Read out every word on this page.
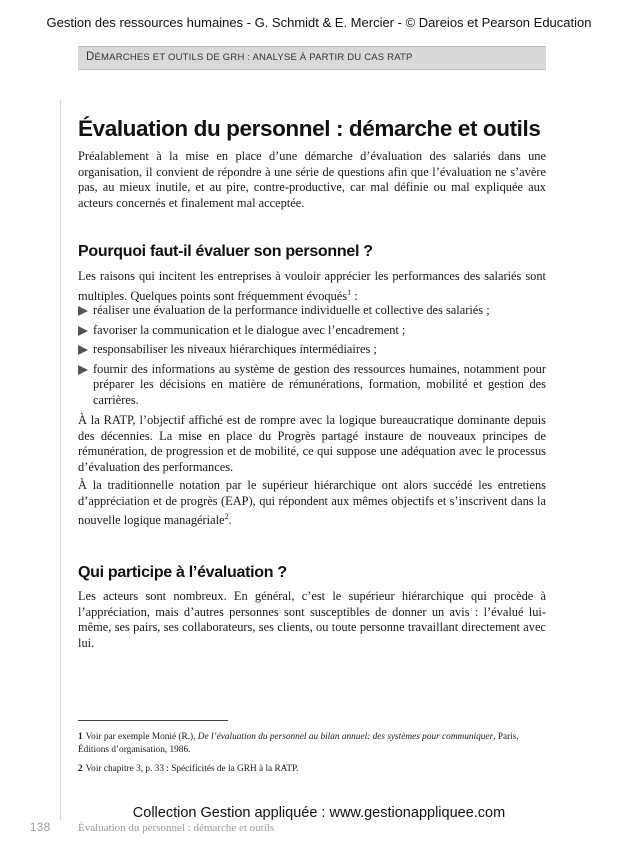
Gestion des ressources humaines - G. Schmidt & E. Mercier - © Dareios et Pearson Education
DÉMARCHES ET OUTILS DE GRH : ANALYSE À PARTIR DU CAS RATP
Évaluation du personnel : démarche et outils

Préalablement à la mise en place d’une démarche d’évaluation des salariés dans une organisation, il convient de répondre à une série de questions afin que l’évaluation ne s’avère pas, au mieux inutile, et au pire, contre-productive, car mal définie ou mal expliquée aux acteurs concernés et finalement mal acceptée.

Pourquoi faut-il évaluer son personnel ?

Les raisons qui incitent les entreprises à vouloir apprécier les performances des salariés sont multiples. Quelques points sont fréquemment évoqués$^1$ :

réaliser une évaluation de la performance individuelle et collective des salariés ;
favoriser la communication et le dialogue avec l’encadrement ;
responsabiliser les niveaux hiérarchiques intermédiaires ;
fournir des informations au système de gestion des ressources humaines, notamment pour préparer les décisions en matière de rémunérations, formation, mobilité et gestion des carrières.

À la RATP, l’objectif affiché est de rompre avec la logique bureaucratique dominante depuis des décennies. La mise en place du Progrès partagé instaure de nouveaux principes de rémunération, de progression et de mobilité, ce qui suppose une adéquation avec le processus d’évaluation des performances.

À la traditionnelle notation par le supérieur hiérarchique ont alors succédé les entretiens d’appréciation et de progrès (EAP), qui répondent aux mêmes objectifs et s’inscrivent dans la nouvelle logique managériale$^2$.

Qui participe à l’évaluation ?

Les acteurs sont nombreux. En général, c’est le supérieur hiérarchique qui procède à l’appréciation, mais d’autres personnes sont susceptibles de donner un avis : l’évalué lui-même, ses pairs, ses collaborateurs, ses clients, ou toute personne travaillant directement avec lui.

1 Voir par exemple Monié (R.), De l’évaluation du personnel au bilan annuel: des systèmes pour communiquer, Paris, Éditions d’organisation, 1986.

2 Voir chapitre 3, p. 33 : Spécificités de la GRH à la RATP.

138 Évaluation du personnel : démarche et outils
Collection Gestion appliquée : www.gestionappliquee.com
